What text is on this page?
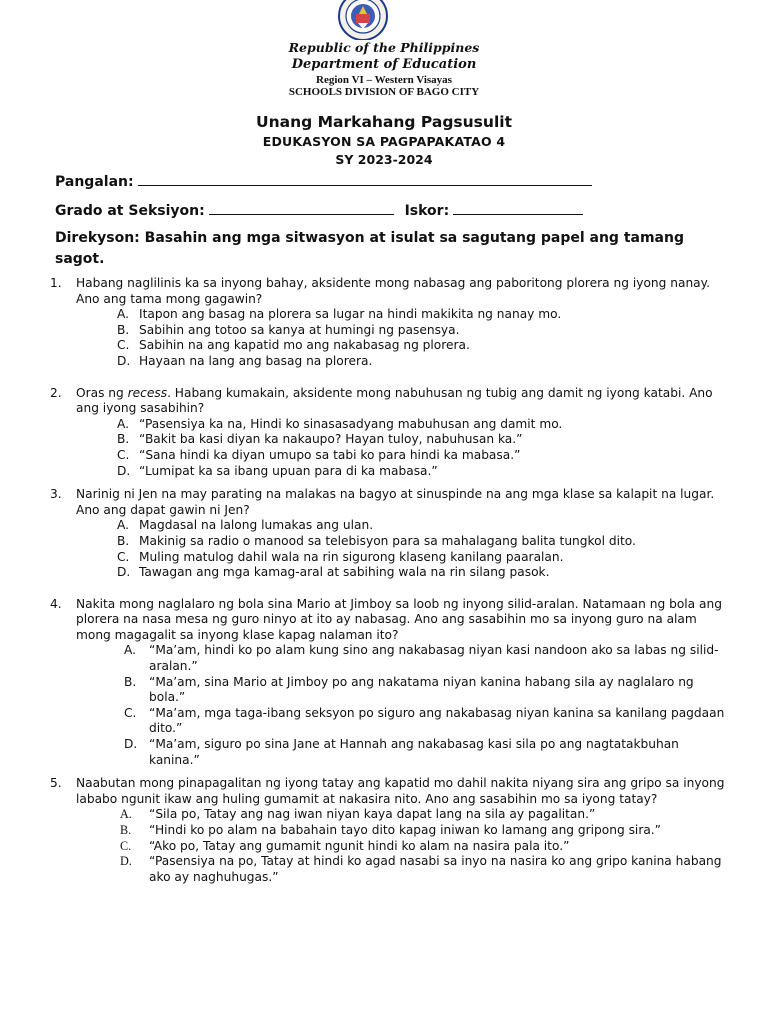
Republic of the Philippines
Department of Education
Region VI – Western Visayas
SCHOOLS DIVISION OF BAGO CITY
Unang Markahang Pagsusulit
EDUKASYON SA PAGPAPAKATAO 4
SY 2023-2024
Pangalan:
Grado at Seksiyon:	Iskor:
Direkyson: Basahin ang mga sitwasyon at isulat sa sagutang papel ang tamang sagot.
1. Habang naglilinis ka sa inyong bahay, aksidente mong nabasag ang paboritong plorera ng iyong nanay. Ano ang tama mong gagawin?
A. Itapon ang basag na plorera sa lugar na hindi makikita ng nanay mo.
B. Sabihin ang totoo sa kanya at humingi ng pasensya.
C. Sabihin na ang kapatid mo ang nakabasag ng plorera.
D. Hayaan na lang ang basag na plorera.
2. Oras ng recess. Habang kumakain, aksidente mong nabuhusan ng tubig ang damit ng iyong katabi. Ano ang iyong sasabihin?
A. “Pasensiya ka na, Hindi ko sinasasadyang mabuhusan ang damit mo.
B. “Bakit ba kasi diyan ka nakaupo? Hayan tuloy, nabuhusan ka.”
C. “Sana hindi ka diyan umupo sa tabi ko para hindi ka mabasa.”
D. “Lumipat ka sa ibang upuan para di ka mabasa.”
3. Narinig ni Jen na may parating na malakas na bagyo at sinuspinde na ang mga klase sa kalapit na lugar. Ano ang dapat gawin ni Jen?
A. Magdasal na lalong lumakas ang ulan.
B. Makinig sa radio o manood sa telebisyon para sa mahalagang balita tungkol dito.
C. Muling matulog dahil wala na rin sigurong klaseng kanilang paaralan.
D. Tawagan ang mga kamag-aral at sabihing wala na rin silang pasok.
4. Nakita mong naglalaro ng bola sina Mario at Jimboy sa loob ng inyong silid-aralan. Natamaan ng bola ang plorera na nasa mesa ng guro ninyo at ito ay nabasag. Ano ang sasabihin mo sa inyong guro na alam mong magagalit sa inyong klase kapag nalaman ito?
A. “Ma’am, hindi ko po alam kung sino ang nakabasag niyan kasi nandoon ako sa labas ng silid-aralan.”
B. “Ma’am, sina Mario at Jimboy po ang nakatama niyan kanina habang sila ay naglalaro ng bola.”
C. “Ma’am, mga taga-ibang seksyon po siguro ang nakabasag niyan kanina sa kanilang pagdaan dito.”
D. “Ma’am, siguro po sina Jane at Hannah ang nakabasag kasi sila po ang nagtatakbuhan kanina.”
5. Naabutan mong pinapagalitan ng iyong tatay ang kapatid mo dahil nakita niyang sira ang gripo sa inyong lababo ngunit ikaw ang huling gumamit at nakasira nito. Ano ang sasabihin mo sa iyong tatay?
A. “Sila po, Tatay ang nag iwan niyan kaya dapat lang na sila ay pagalitan.”
B. “Hindi ko po alam na babahain tayo dito kapag iniwan ko lamang ang gripong sira.”
C. “Ako po, Tatay ang gumamit ngunit hindi ko alam na nasira pala ito.”
D. “Pasensiya na po, Tatay at hindi ko agad nasabi sa inyo na nasira ko ang gripo kanina habang ako ay naghuhugas.”
